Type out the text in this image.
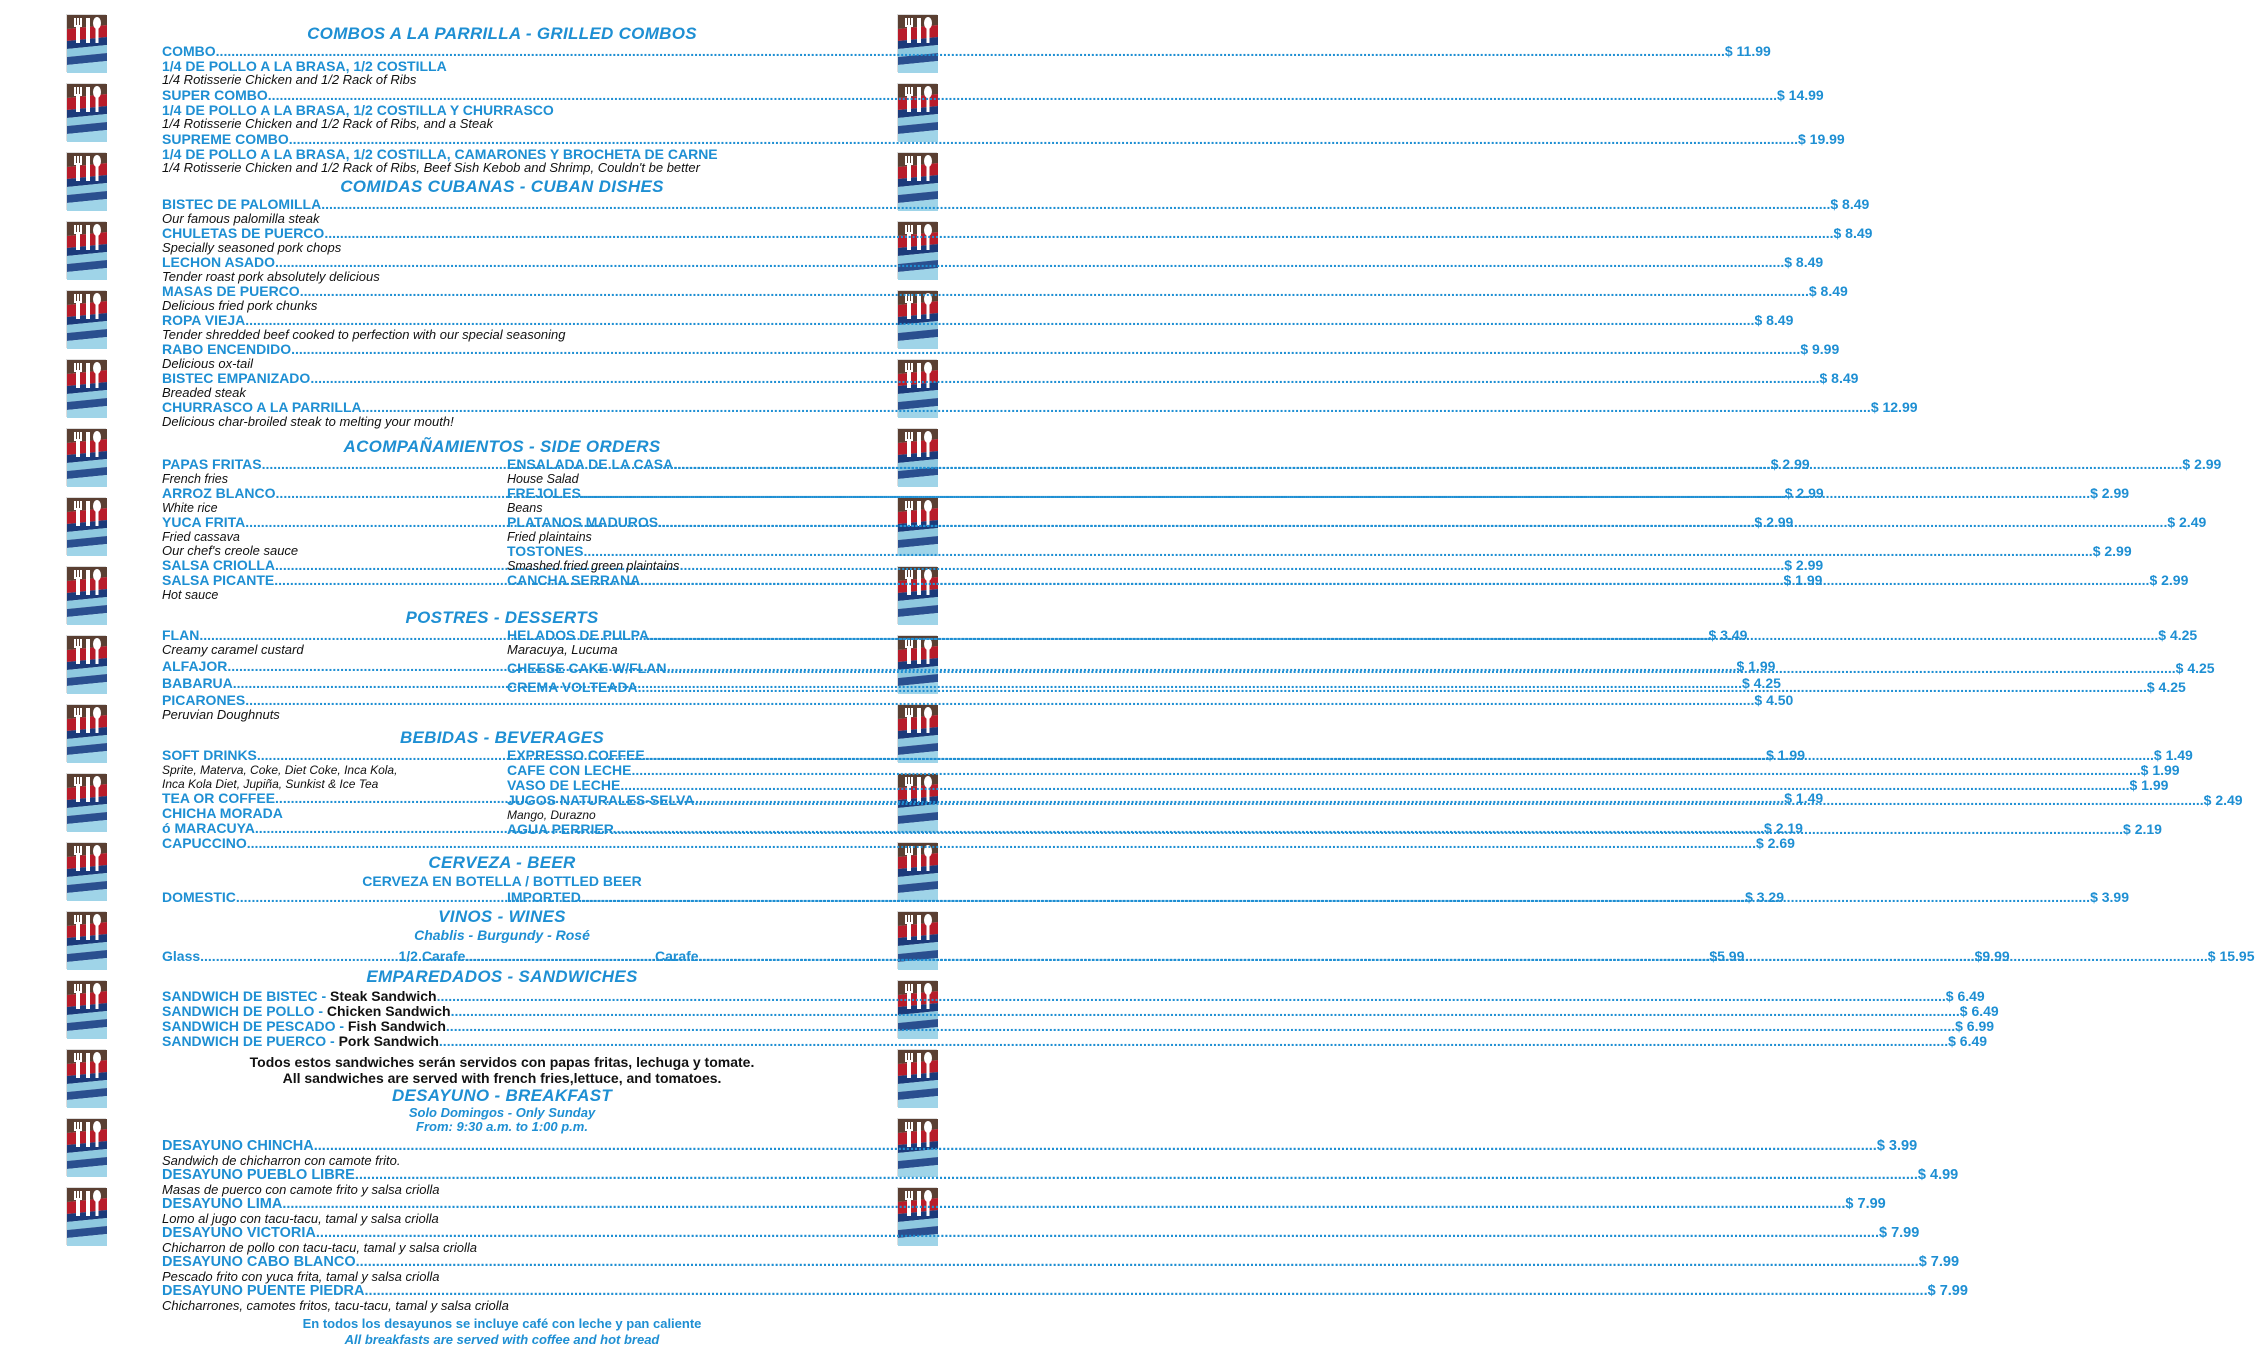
COMBOS A LA PARRILLA - GRILLED COMBOS
COMBO .....	$ 11.99
1/4 DE POLLO A LA BRASA, 1/2 COSTILLA
1/4 Rotisserie Chicken and 1/2 Rack of Ribs
SUPER COMBO .....	$ 14.99
1/4 DE POLLO A LA BRASA, 1/2 COSTILLA Y CHURRASCO
1/4 Rotisserie Chicken and 1/2 Rack of Ribs, and a Steak
SUPREME COMBO .....	$ 19.99
1/4 DE POLLO A LA BRASA, 1/2 COSTILLA, CAMARONES Y BROCHETA DE CARNE
1/4 Rotisserie Chicken and 1/2 Rack of Ribs, Beef Sish Kebob and Shrimp, Couldn't be better
COMIDAS CUBANAS - CUBAN DISHES
BISTEC DE PALOMILLA .....	$ 8.49
Our famous palomilla steak
CHULETAS DE PUERCO .....	$ 8.49
Specially seasoned pork chops
LECHON ASADO .....	$ 8.49
Tender roast pork absolutely delicious
MASAS DE PUERCO .....	$ 8.49
Delicious fried pork chunks
ROPA VIEJA .....	$ 8.49
Tender shredded beef cooked to perfection with our special seasoning
RABO ENCENDIDO .....	$ 9.99
Delicious ox-tail
BISTEC EMPANIZADO .....	$ 8.49
Breaded steak
CHURRASCO A LA PARRILLA .....	$ 12.99
Delicious char-broiled steak to melting your mouth!
ACOMPAÑAMIENTOS - SIDE ORDERS
PAPAS FRITAS .....	$ 2.99
French fries
ARROZ BLANCO .....	$ 2.99
White rice
YUCA FRITA .....	$ 2.99
Fried cassava
Our chef's creole sauce
SALSA CRIOLLA .....	$ 2.99
SALSA PICANTE .....	$ 1.99
Hot sauce
ENSALADA DE LA CASA .....	$ 2.99
House Salad
FREJOLES .....	$ 2.99
Beans
PLATANOS MADUROS .....	$ 2.49
Fried plaintains
TOSTONES .....	$ 2.99
Smashed fried green plaintains
CANCHA SERRANA .....	$ 2.99
POSTRES - DESSERTS
FLAN .....	$ 3.49
Creamy caramel custard
ALFAJOR .....	$ 1.99
BABARUA .....	$ 4.25
PICARONES .....	$ 4.50
Peruvian Doughnuts
HELADOS DE PULPA .....	$ 4.25
Maracuya, Lucuma
CHEESE CAKE W/FLAN .....	$ 4.25
CREMA VOLTEADA .....	$ 4.25
BEBIDAS - BEVERAGES
SOFT DRINKS .....	$ 1.99
Sprite, Materva, Coke, Diet Coke, Inca Kola,
Inca Kola Diet, Jupiña, Sunkist & Ice Tea
TEA OR COFFEE .....	$ 1.49
CHICHA MORADA
ó MARACUYA .....	$ 2.19
CAPUCCINO .....	$ 2.69
EXPRESSO COFFEE .....	$ 1.49
CAFE CON LECHE .....	$ 1.99
VASO DE LECHE .....	$ 1.99
JUGOS NATURALES-SELVA .....	$ 2.49
Mango, Durazno
AGUA PERRIER .....	$ 2.19
CERVEZA - BEER
CERVEZA EN BOTELLA / BOTTLED BEER
DOMESTIC .....	$ 3.29
IMPORTED .....	$ 3.99
VINOS - WINES
Chablis - Burgundy - Rosé
Glass .....	$5.99
1/2 Carafe .....	$9.99
Carafe .....	$ 15.95
EMPAREDADOS - SANDWICHES
SANDWICH DE BISTEC - Steak Sandwich .....	$ 6.49
SANDWICH DE POLLO - Chicken Sandwich .....	$ 6.49
SANDWICH DE PESCADO - Fish Sandwich .....	$ 6.99
SANDWICH DE PUERCO - Pork Sandwich .....	$ 6.49
Todos estos sandwiches serán servidos con papas fritas, lechuga y tomate.
All sandwiches are served with french fries,lettuce, and tomatoes.
DESAYUNO - BREAKFAST
Solo Domingos - Only Sunday
From: 9:30 a.m. to 1:00 p.m.
DESAYUNO CHINCHA .....	$ 3.99
Sandwich de chicharron con camote frito.
DESAYUNO PUEBLO LIBRE .....	$ 4.99
Masas de puerco con camote frito y salsa criolla
DESAYUNO LIMA .....	$ 7.99
Lomo al jugo con tacu-tacu, tamal y salsa criolla
DESAYUNO VICTORIA .....	$ 7.99
Chicharron de pollo con tacu-tacu, tamal y salsa criolla
DESAYUNO CABO BLANCO .....	$ 7.99
Pescado frito con yuca frita, tamal y salsa criolla
DESAYUNO PUENTE PIEDRA .....	$ 7.99
Chicharrones, camotes fritos, tacu-tacu, tamal y salsa criolla
En todos los desayunos se incluye café con leche y pan caliente
All breakfasts are served with coffee and hot bread
